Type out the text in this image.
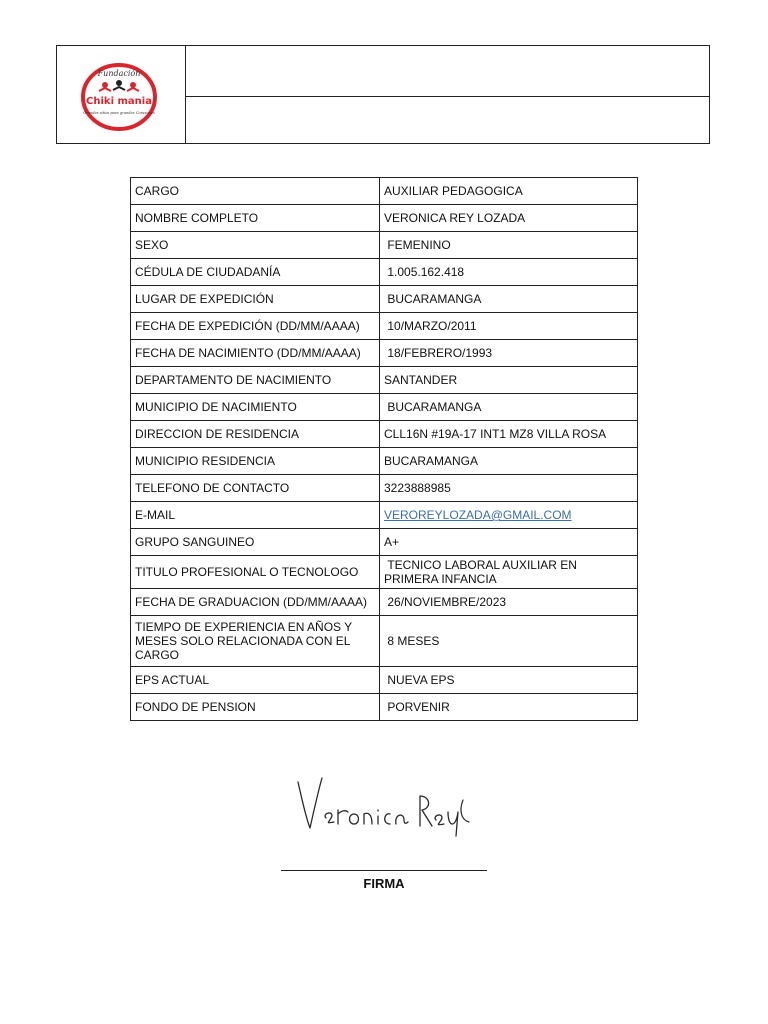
Fundación
Chiki mania
Grandes sitios para grandes Corazones
CARGO	AUXILIAR PEDAGOGICA
NOMBRE COMPLETO	VERONICA REY LOZADA
SEXO	FEMENINO
CÉDULA DE CIUDADANÍA	1.005.162.418
LUGAR DE EXPEDICIÓN	BUCARAMANGA
FECHA DE EXPEDICIÓN (DD/MM/AAAA)	10/MARZO/2011
FECHA DE NACIMIENTO (DD/MM/AAAA)	18/FEBRERO/1993
DEPARTAMENTO DE NACIMIENTO	SANTANDER
MUNICIPIO DE NACIMIENTO	BUCARAMANGA
DIRECCION DE RESIDENCIA	CLL16N #19A-17 INT1 MZ8 VILLA ROSA
MUNICIPIO RESIDENCIA	BUCARAMANGA
TELEFONO DE CONTACTO	3223888985
E-MAIL	VEROREYLOZADA@GMAIL.COM
GRUPO SANGUINEO	A+
TITULO PROFESIONAL O TECNOLOGO	TECNICO LABORAL AUXILIAR EN PRIMERA INFANCIA
FECHA DE GRADUACION (DD/MM/AAAA)	26/NOVIEMBRE/2023
TIEMPO DE EXPERIENCIA EN AÑOS Y MESES SOLO RELACIONADA CON EL CARGO	8 MESES
EPS ACTUAL	NUEVA EPS
FONDO DE PENSION	PORVENIR
FIRMA
